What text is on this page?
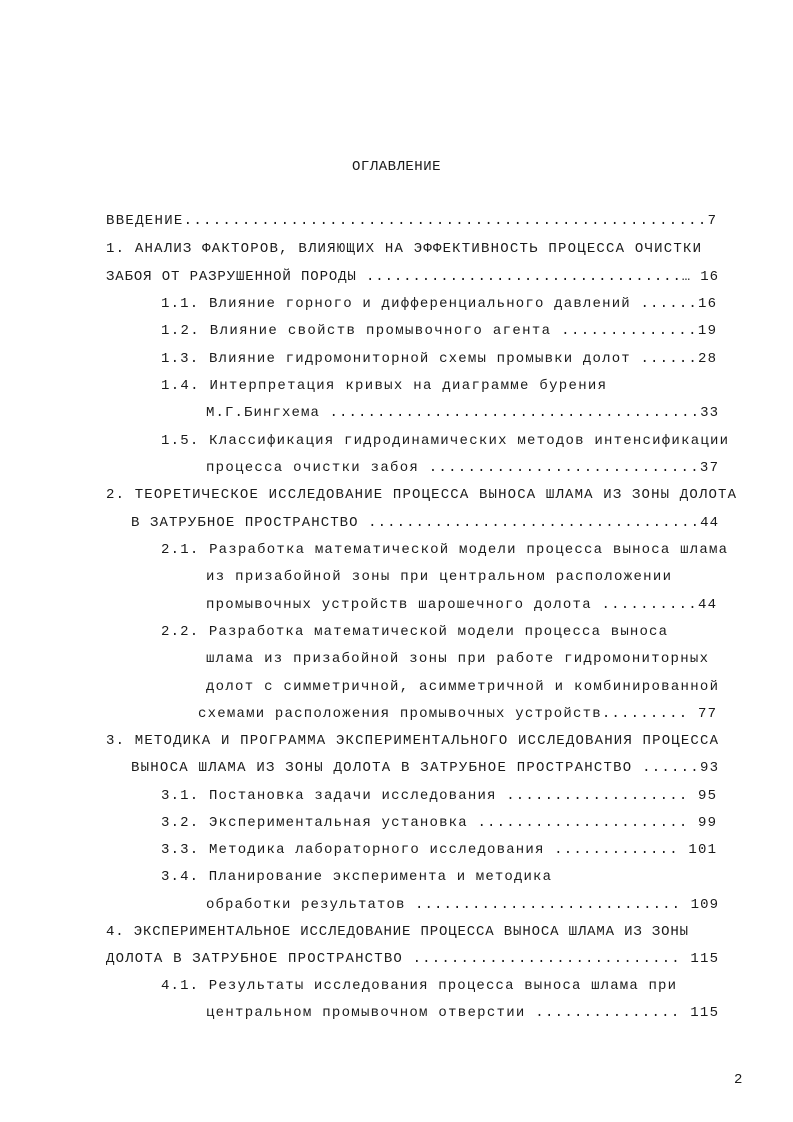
ОГЛАВЛЕНИЕ
ВВЕДЕНИЕ......................................................7
1. АНАЛИЗ ФАКТОРОВ, ВЛИЯЮЩИХ НА ЭФФЕКТИВНОСТЬ ПРОЦЕССА ОЧИСТКИ
ЗАБОЯ ОТ РАЗРУШЕННОЙ ПОРОДЫ ..................................… 16
1.1. Влияние горного и дифференциального давлений ......16
1.2. Влияние свойств промывочного агента ..............19
1.3. Влияние гидромониторной схемы промывки долот ......28
1.4. Интерпретация кривых на диаграмме бурения
М.Г.Бингхема .......................................33
1.5. Классификация гидродинамических методов интенсификации
процесса очистки забоя ............................37
2. ТЕОРЕТИЧЕСКОЕ ИССЛЕДОВАНИЕ ПРОЦЕССА ВЫНОСА ШЛАМА ИЗ ЗОНЫ ДОЛОТА
В ЗАТРУБНОЕ ПРОСТРАНСТВО ...................................44
2.1. Разработка математической модели процесса выноса шлама
из призабойной зоны при центральном расположении
промывочных устройств шарошечного долота ..........44
2.2. Разработка математической модели процесса выноса
шлама из призабойной зоны при работе гидромониторных
долот с симметричной, асимметричной и комбинированной
схемами расположения промывочных устройств......... 77
3. МЕТОДИКА И ПРОГРАММА ЭКСПЕРИМЕНТАЛЬНОГО ИССЛЕДОВАНИЯ ПРОЦЕССА
ВЫНОСА ШЛАМА ИЗ ЗОНЫ ДОЛОТА В ЗАТРУБНОЕ ПРОСТРАНСТВО ......93
3.1. Постановка задачи исследования ................... 95
3.2. Экспериментальная установка ...................... 99
3.3. Методика лабораторного исследования ............. 101
3.4. Планирование эксперимента и методика
обработки результатов ............................ 109
4. ЭКСПЕРИМЕНТАЛЬНОЕ ИССЛЕДОВАНИЕ ПРОЦЕССА ВЫНОСА ШЛАМА ИЗ ЗОНЫ
ДОЛОТА В ЗАТРУБНОЕ ПРОСТРАНСТВО ............................ 115
4.1. Результаты исследования процесса выноса шлама при
центральном промывочном отверстии ............... 115
2
